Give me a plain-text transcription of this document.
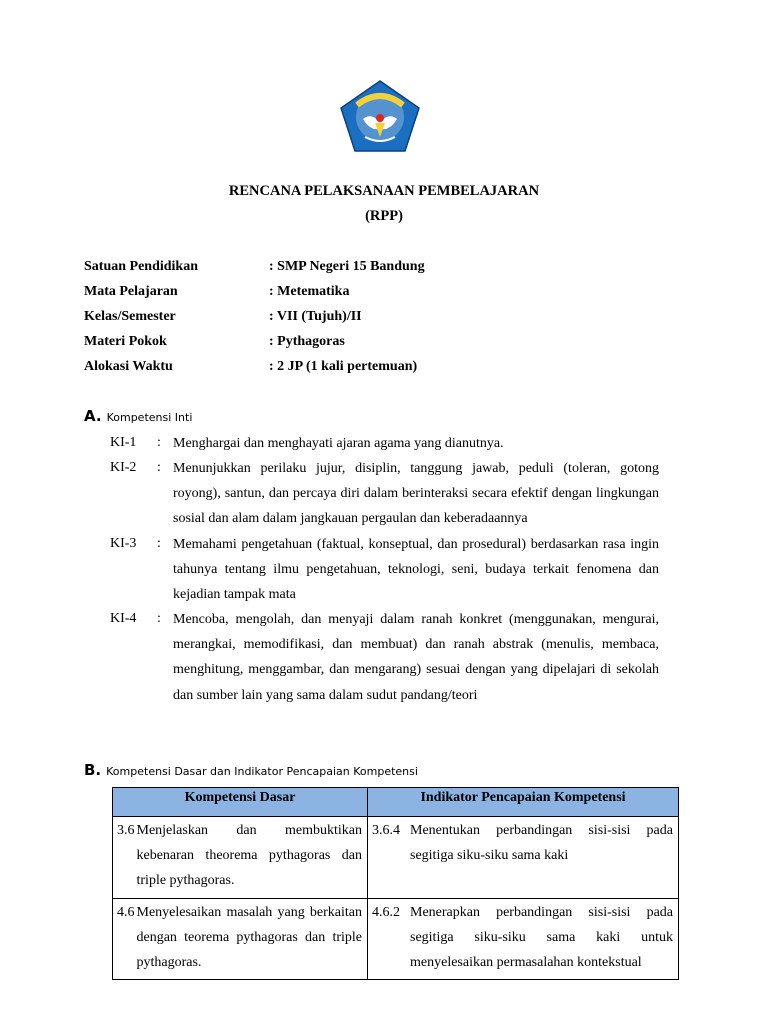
RENCANA PELAKSANAAN PEMBELAJARAN
(RPP)
Satuan Pendidikan	: SMP Negeri 15 Bandung
Mata Pelajaran	: Metematika
Kelas/Semester	: VII (Tujuh)/II
Materi Pokok	: Pythagoras
Alokasi Waktu	: 2 JP (1 kali pertemuan)
A. Kompetensi Inti
KI-1 : Menghargai dan menghayati ajaran agama yang dianutnya.
KI-2 : Menunjukkan perilaku jujur, disiplin, tanggung jawab, peduli (toleran, gotong royong), santun, dan percaya diri dalam berinteraksi secara efektif dengan lingkungan sosial dan alam dalam jangkauan pergaulan dan keberadaannya
KI-3 : Memahami pengetahuan (faktual, konseptual, dan prosedural) berdasarkan rasa ingin tahunya tentang ilmu pengetahuan, teknologi, seni, budaya terkait fenomena dan kejadian tampak mata
KI-4 : Mencoba, mengolah, dan menyaji dalam ranah konkret (menggunakan, mengurai, merangkai, memodifikasi, dan membuat) dan ranah abstrak (menulis, membaca, menghitung, menggambar, dan mengarang) sesuai dengan yang dipelajari di sekolah dan sumber lain yang sama dalam sudut pandang/teori
B. Kompetensi Dasar dan Indikator Pencapaian Kompetensi
Kompetensi Dasar	Indikator Pencapaian Kompetensi

3.6 Menjelaskan dan membuktikan kebenaran theorema pythagoras dan triple pythagoras.	3.6.4 Menentukan perbandingan sisi-sisi pada segitiga siku-siku sama kaki

4.6 Menyelesaikan masalah yang berkaitan dengan teorema pythagoras dan triple pythagoras.	4.6.2 Menerapkan perbandingan sisi-sisi pada segitiga siku-siku sama kaki untuk menyelesaikan permasalahan kontekstual
